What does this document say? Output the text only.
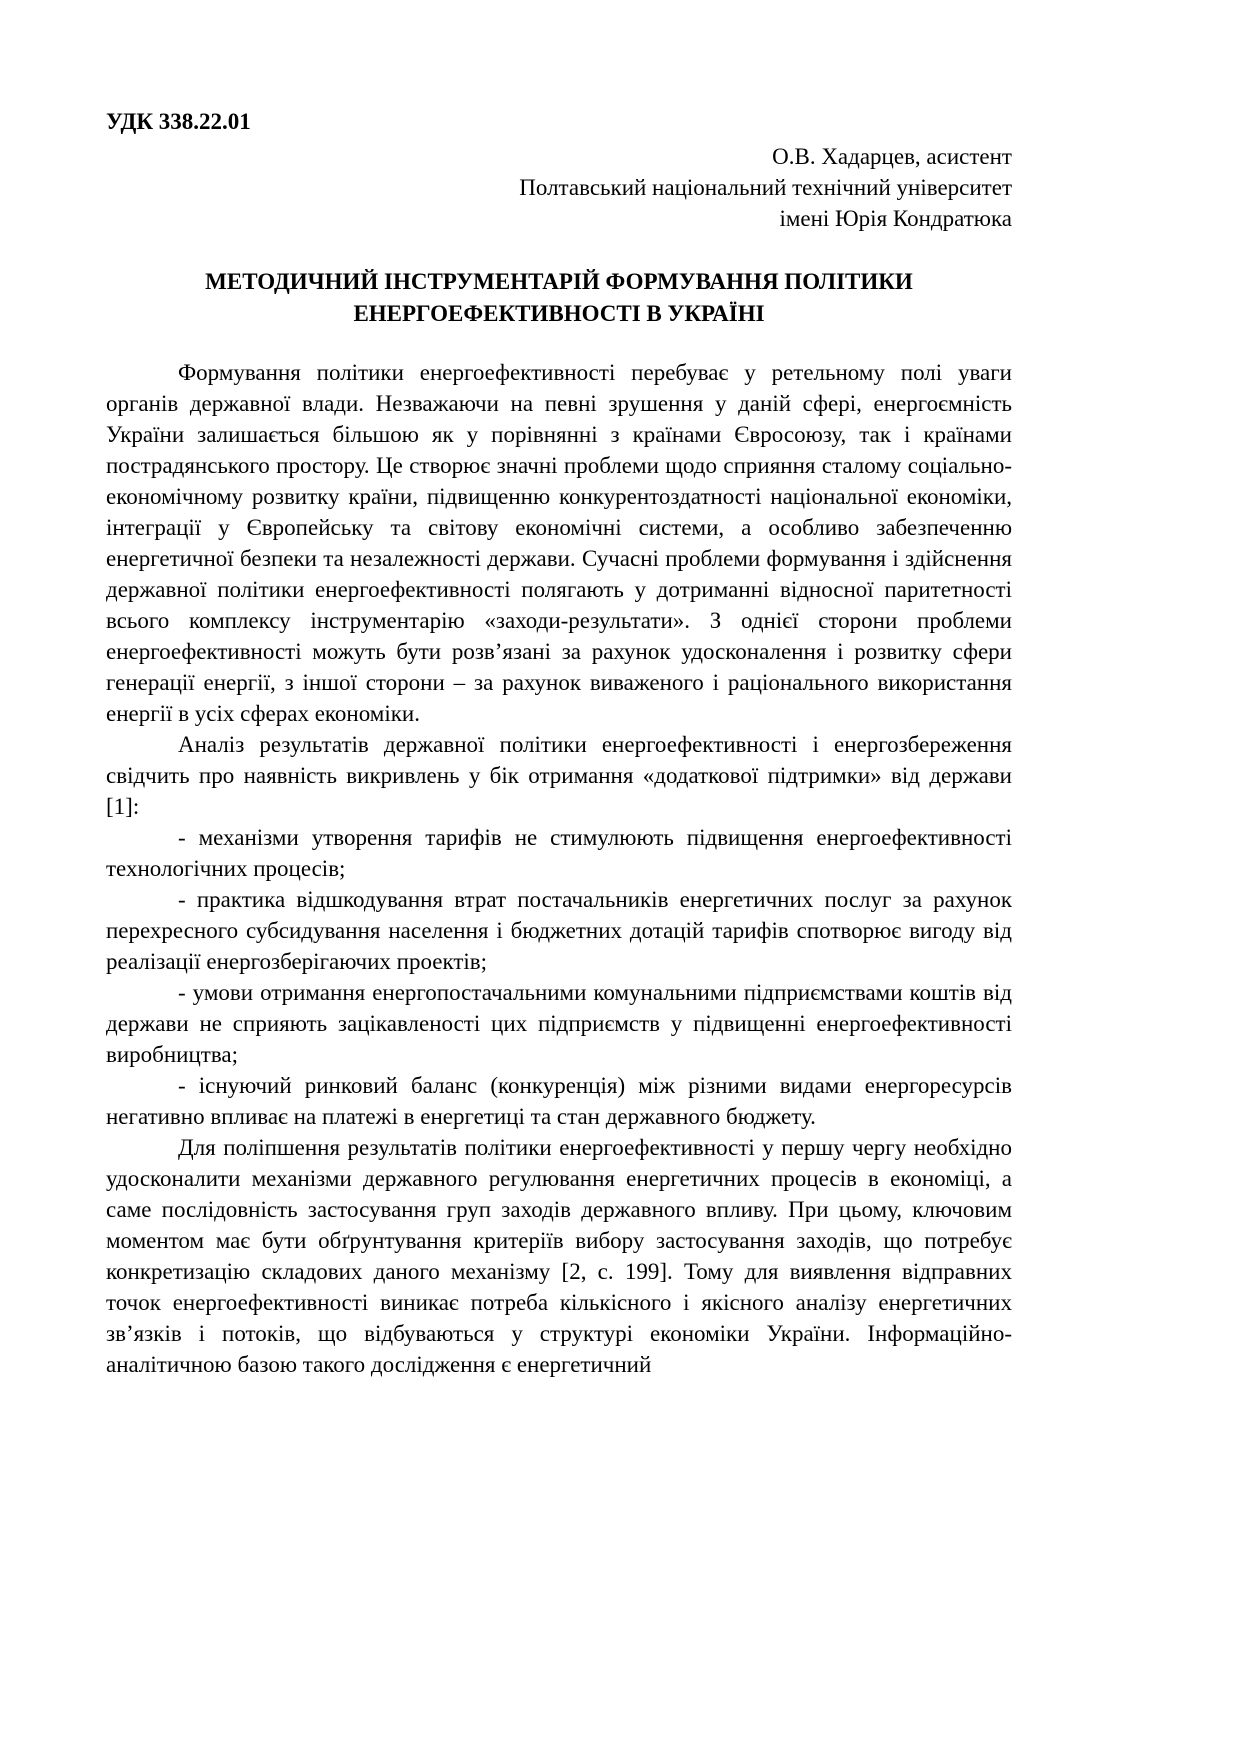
УДК 338.22.01

О.В. Хадарцев, асистент

Полтавський національний технічний університет

імені Юрія Кондратюка

МЕТОДИЧНИЙ ІНСТРУМЕНТАРІЙ ФОРМУВАННЯ ПОЛІТИКИ ЕНЕРГОЕФЕКТИВНОСТІ В УКРАЇНІ

Формування політики енергоефективності перебуває у ретельному полі уваги органів державної влади. Незважаючи на певні зрушення у даній сфері, енергоємність України залишається більшою як у порівнянні з країнами Євросоюзу, так і країнами пострадянського простору. Це створює значні проблеми щодо сприяння сталому соціально-економічному розвитку країни, підвищенню конкурентоздатності національної економіки, інтеграції у Європейську та світову економічні системи, а особливо забезпеченню енергетичної безпеки та незалежності держави. Сучасні проблеми формування і здійснення державної політики енергоефективності полягають у дотриманні відносної паритетності всього комплексу інструментарію «заходи-результати». З однієї сторони проблеми енергоефективності можуть бути розв’язані за рахунок удосконалення і розвитку сфери генерації енергії, з іншої сторони – за рахунок виваженого і раціонального використання енергії в усіх сферах економіки.

Аналіз результатів державної політики енергоефективності і енергозбереження свідчить про наявність викривлень у бік отримання «додаткової підтримки» від держави [1]:

- механізми утворення тарифів не стимулюють підвищення енергоефективності технологічних процесів;

- практика відшкодування втрат постачальників енергетичних послуг за рахунок перехресного субсидування населення і бюджетних дотацій тарифів спотворює вигоду від реалізації енергозберігаючих проектів;

- умови отримання енергопостачальними комунальними підприємствами коштів від держави не сприяють зацікавленості цих підприємств у підвищенні енергоефективності виробництва;

- існуючий ринковий баланс (конкуренція) між різними видами енергоресурсів негативно впливає на платежі в енергетиці та стан державного бюджету.

Для поліпшення результатів політики енергоефективності у першу чергу необхідно удосконалити механізми державного регулювання енергетичних процесів в економіці, а саме послідовність застосування груп заходів державного впливу. При цьому, ключовим моментом має бути обґрунтування критеріїв вибору застосування заходів, що потребує конкретизацію складових даного механізму [2, с. 199]. Тому для виявлення відправних точок енергоефективності виникає потреба кількісного і якісного аналізу енергетичних зв’язків і потоків, що відбуваються у структурі економіки України. Інформаційно-аналітичною базою такого дослідження є енергетичний
